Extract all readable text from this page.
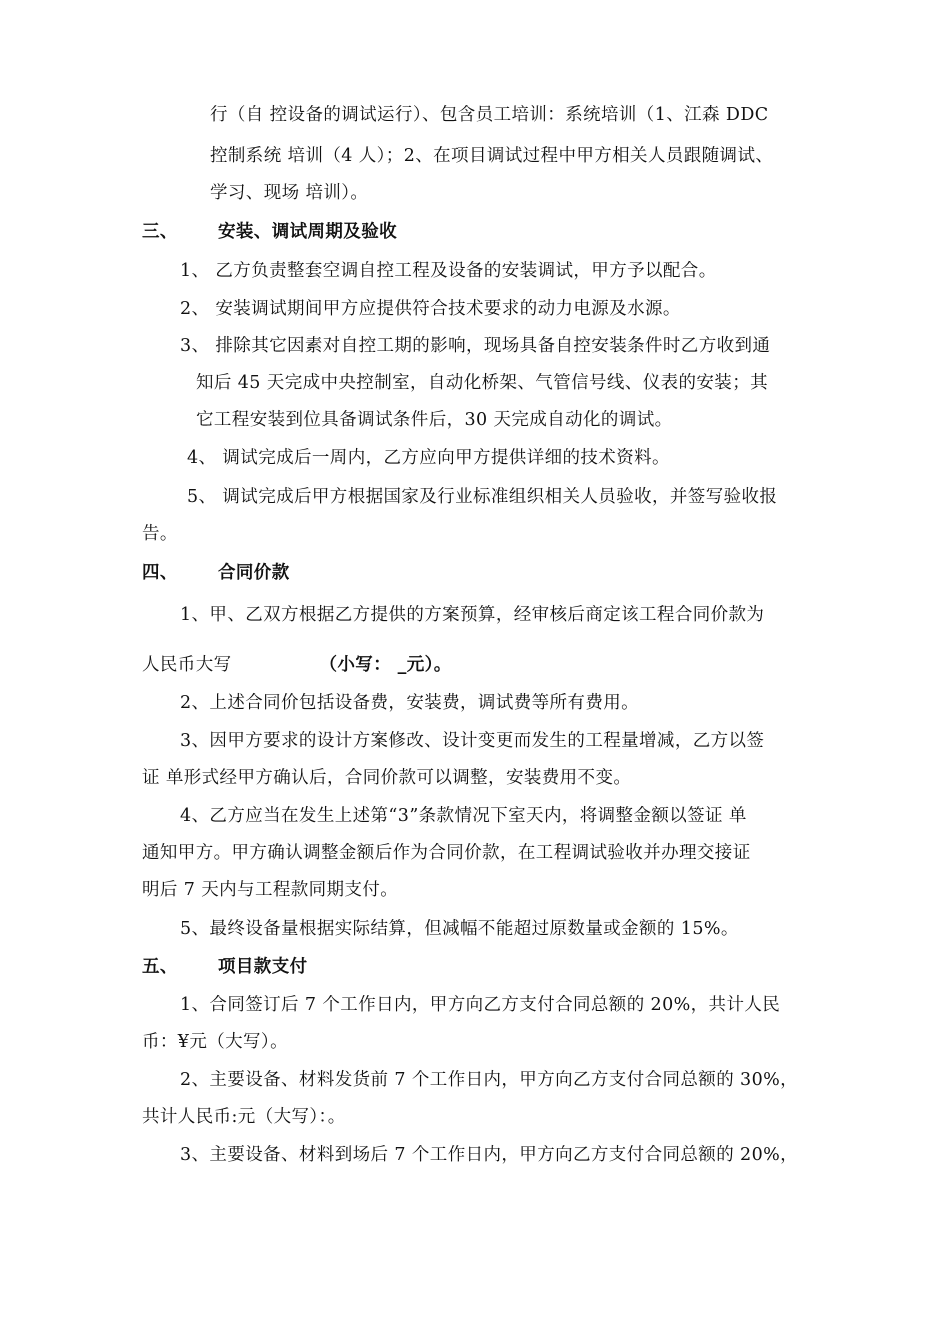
行（自 控设备的调试运行）、包含员工培训：系统培训（1、江森 DDC
控制系统 培训（4 人）；2、在项目调试过程中甲方相关人员跟随调试、
学习、现场 培训）。
三、 安装、调试周期及验收
1、 乙方负责整套空调自控工程及设备的安装调试，甲方予以配合。
2、 安装调试期间甲方应提供符合技术要求的动力电源及水源。
3、 排除其它因素对自控工期的影响，现场具备自控安装条件时乙方收到通
知后 45 天完成中央控制室，自动化桥架、气管信号线、仪表的安装；其
它工程安装到位具备调试条件后，30 天完成自动化的调试。
4、 调试完成后一周内，乙方应向甲方提供详细的技术资料。
5、 调试完成后甲方根据国家及行业标准组织相关人员验收，并签写验收报
告。
四、 合同价款
1、甲、乙双方根据乙方提供的方案预算，经审核后商定该工程合同价款为
人民币大写	（小写： _元）。
2、上述合同价包括设备费，安装费，调试费等所有费用。
3、因甲方要求的设计方案修改、设计变更而发生的工程量增减，乙方以签
证 单形式经甲方确认后，合同价款可以调整，安装费用不变。
4、乙方应当在发生上述第“3”条款情况下室天内，将调整金额以签证 单
通知甲方。甲方确认调整金额后作为合同价款，在工程调试验收并办理交接证
明后 7 天内与工程款同期支付。
5、最终设备量根据实际结算，但减幅不能超过原数量或金额的 15%。
五、 项目款支付
1、合同签订后 7 个工作日内，甲方向乙方支付合同总额的 20%，共计人民
币：¥元（大写）。
2、主要设备、材料发货前 7 个工作日内，甲方向乙方支付合同总额的 30%，
共计人民币:元（大写）：。
3、主要设备、材料到场后 7 个工作日内，甲方向乙方支付合同总额的 20%，
